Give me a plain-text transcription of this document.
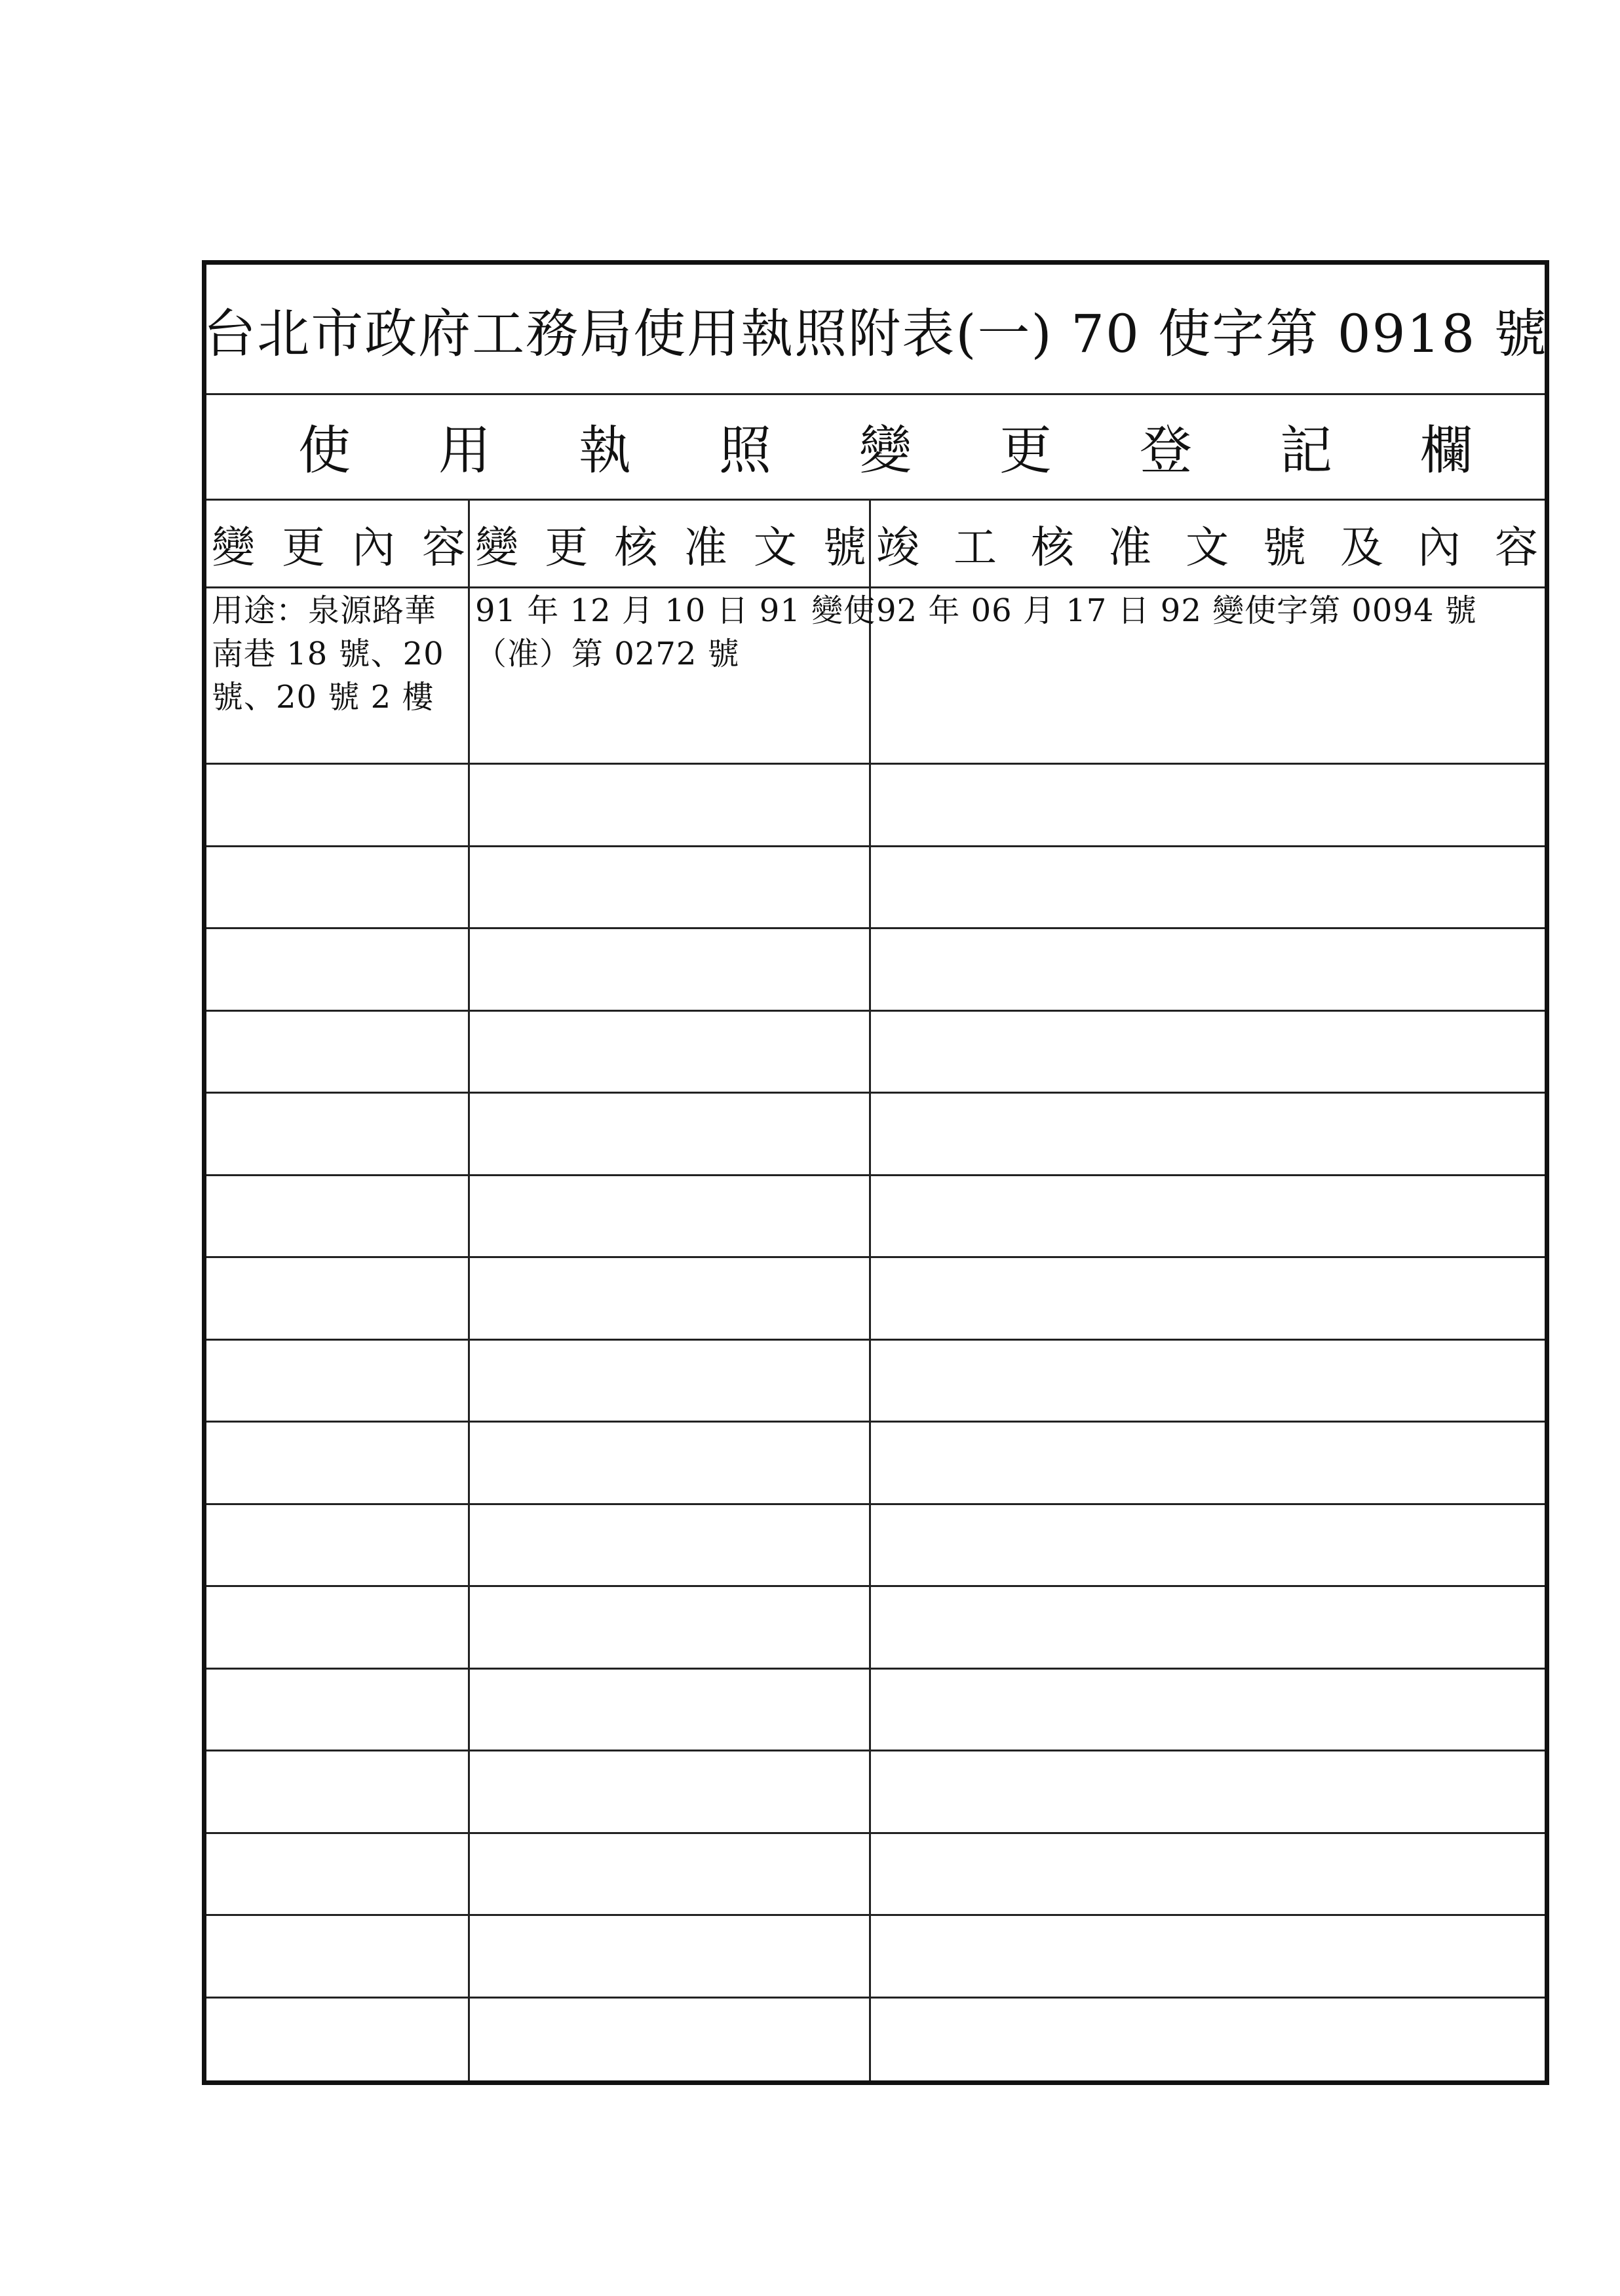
台北市政府工務局使用執照附表(一) 70 使字第 0918 號
使 用 執 照 變 更 登 記 欄
變 更 內 容 變 更 核 准 文 號 竣 工 核 准 文 號 及 內 容
用途：泉源路華
南巷 18 號、20
號、20 號 2 樓
91 年 12 月 10 日 91 變使
（准）第 0272 號
92 年 06 月 17 日 92 變使字第 0094 號
